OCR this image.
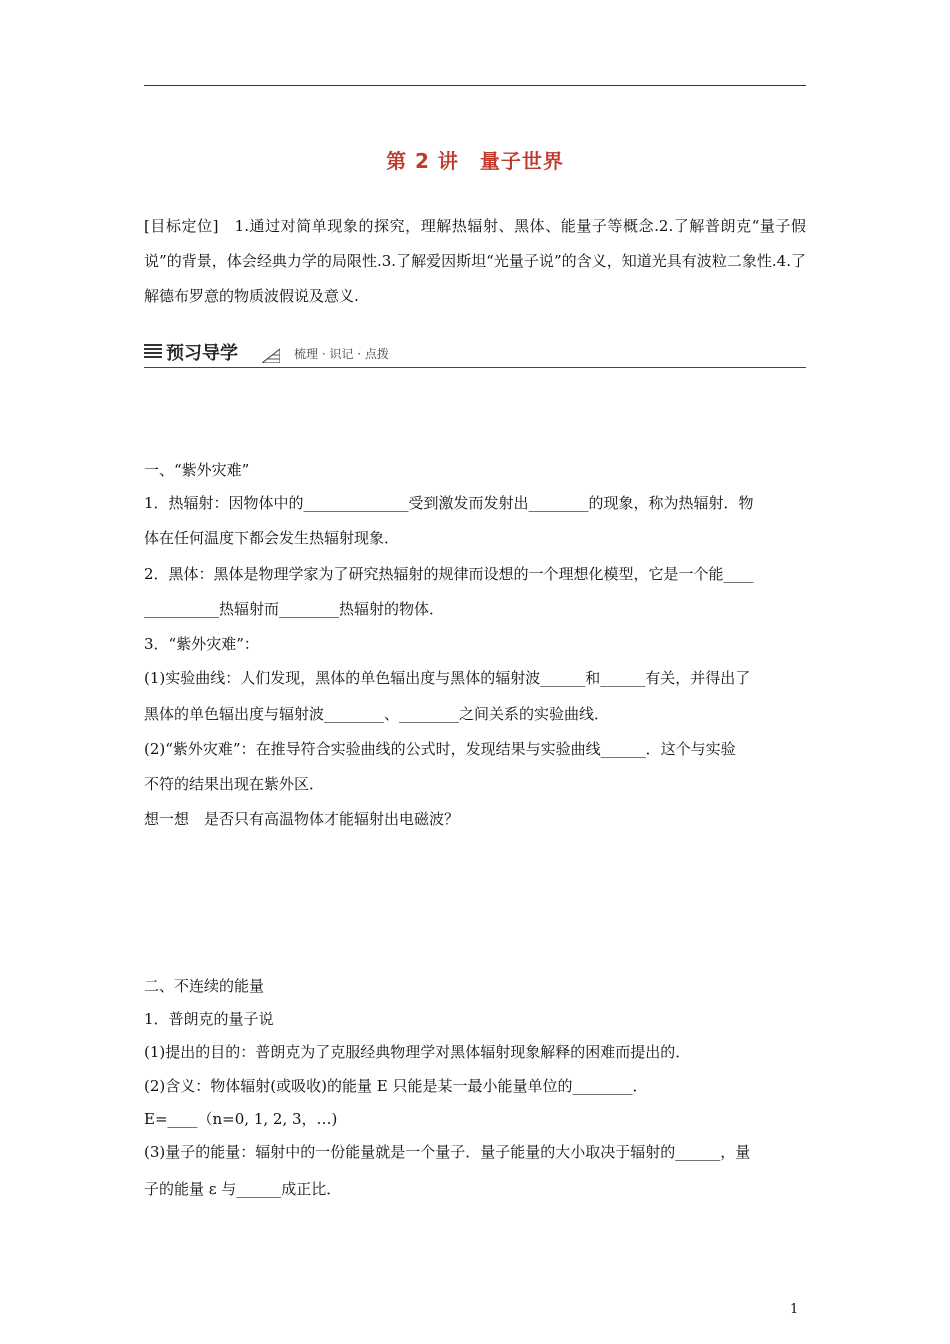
第 2 讲　量子世界
[目标定位]　1.通过对简单现象的探究，理解热辐射、黑体、能量子等概念.2.了解普朗克“量子假说”的背景，体会经典力学的局限性.3.了解爱因斯坦“光量子说”的含义，知道光具有波粒二象性.4.了解德布罗意的物质波假说及意义.
预习导学	梳理 · 识记 · 点拨
一、“紫外灾难”
1．热辐射：因物体中的______________受到激发而发射出________的现象，称为热辐射．物
体在任何温度下都会发生热辐射现象．
2．黑体：黑体是物理学家为了研究热辐射的规律而设想的一个理想化模型，它是一个能____
__________热辐射而________热辐射的物体．
3．“紫外灾难”：
(1)实验曲线：人们发现，黑体的单色辐出度与黑体的辐射波______和______有关，并得出了
黑体的单色辐出度与辐射波________、________之间关系的实验曲线．
(2)“紫外灾难”：在推导符合实验曲线的公式时，发现结果与实验曲线______．这个与实验
不符的结果出现在紫外区．
想一想　是否只有高温物体才能辐射出电磁波？
二、不连续的能量
1．普朗克的量子说
(1)提出的目的：普朗克为了克服经典物理学对黑体辐射现象解释的困难而提出的．
(2)含义：物体辐射(或吸收)的能量 E 只能是某一最小能量单位的________．
E=____（n=0, 1, 2, 3，…)
(3)量子的能量：辐射中的一份能量就是一个量子．量子能量的大小取决于辐射的______，量
子的能量 ε 与______成正比．
1
